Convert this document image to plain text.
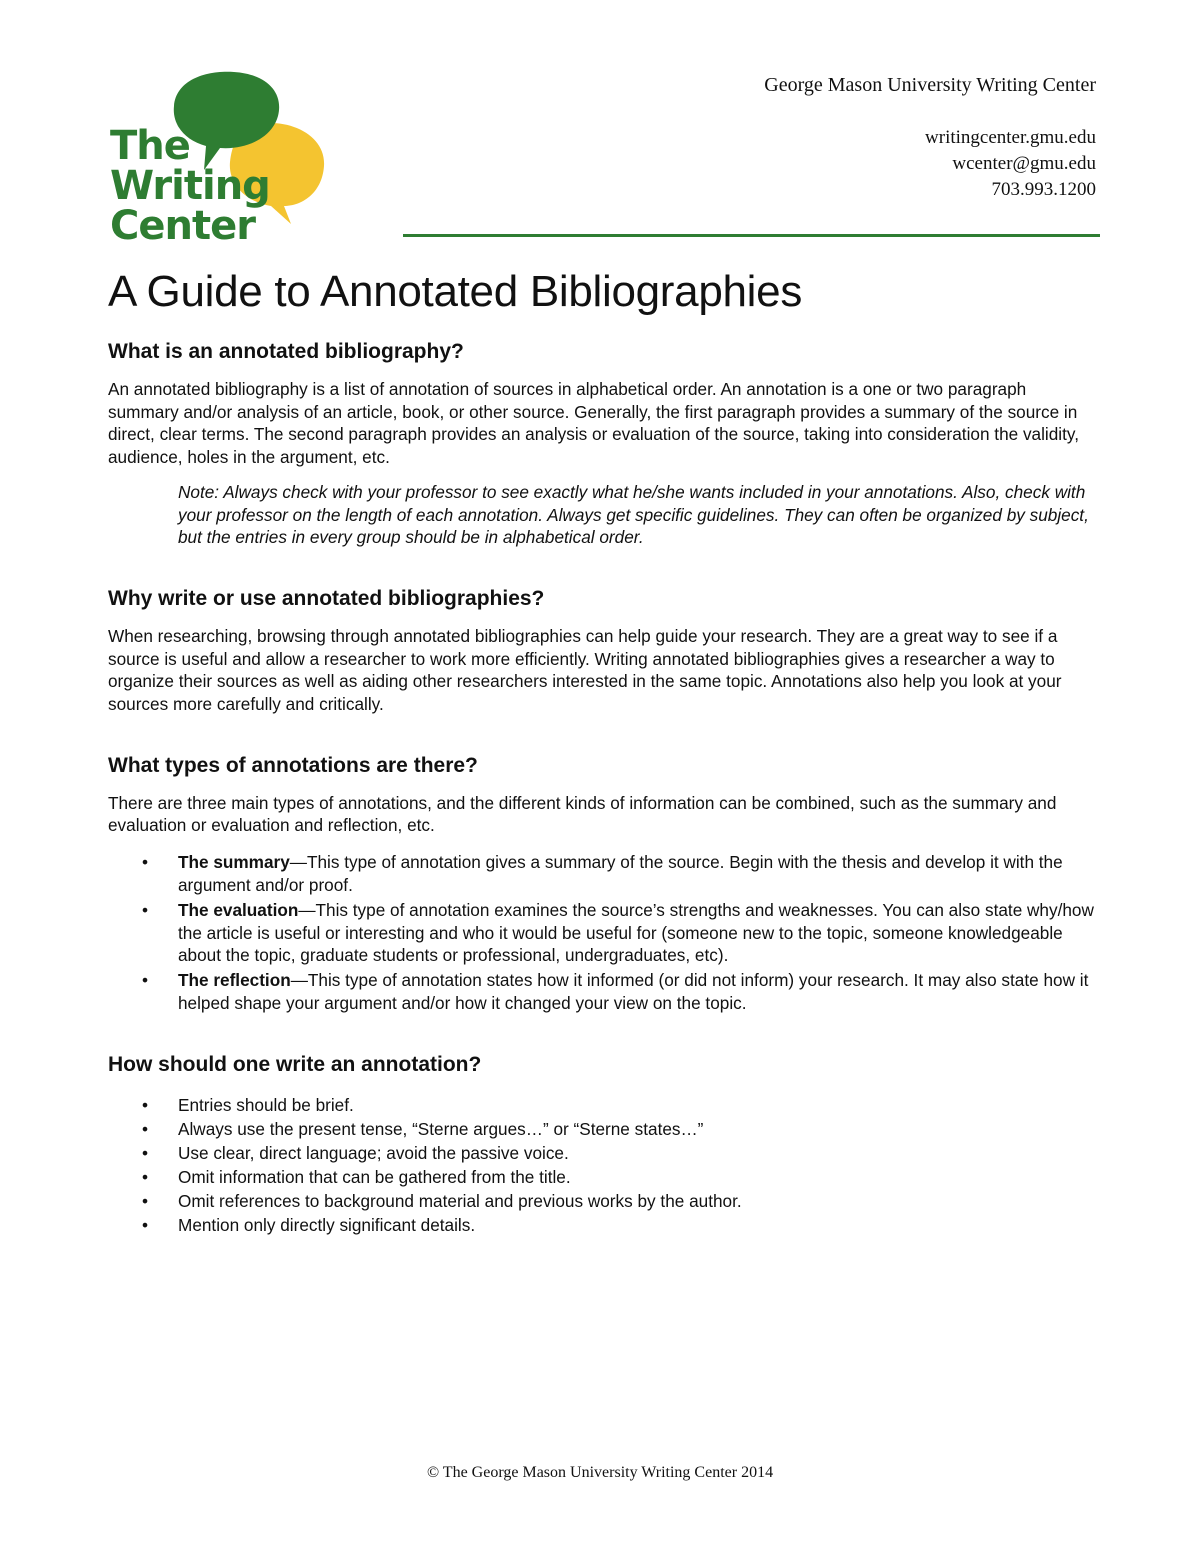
The
Writing Center
George Mason University Writing Center
writingcenter.gmu.edu
wcenter@gmu.edu
703.993.1200
A Guide to Annotated Bibliographies
What is an annotated bibliography?

An annotated bibliography is a list of annotation of sources in alphabetical order. An annotation is a one or two paragraph summary and/or analysis of an article, book, or other source. Generally, the first paragraph provides a summary of the source in direct, clear terms. The second paragraph provides an analysis or evaluation of the source, taking into consideration the validity, audience, holes in the argument, etc.

Note: Always check with your professor to see exactly what he/she wants included in your annotations. Also, check with your professor on the length of each annotation. Always get specific guidelines. They can often be organized by subject, but the entries in every group should be in alphabetical order.
Why write or use annotated bibliographies?

When researching, browsing through annotated bibliographies can help guide your research. They are a great way to see if a source is useful and allow a researcher to work more efficiently. Writing annotated bibliographies gives a researcher a way to organize their sources as well as aiding other researchers interested in the same topic. Annotations also help you look at your sources more carefully and critically.

What types of annotations are there?

There are three main types of annotations, and the different kinds of information can be combined, such as the summary and evaluation or evaluation and reflection, etc.

• The summary—This type of annotation gives a summary of the source. Begin with the thesis and develop it with the argument and/or proof.
• The evaluation—This type of annotation examines the source’s strengths and weaknesses. You can also state why/how the article is useful or interesting and who it would be useful for (someone new to the topic, someone knowledgeable about the topic, graduate students or professional, undergraduates, etc).
• The reflection—This type of annotation states how it informed (or did not inform) your research. It may also state how it helped shape your argument and/or how it changed your view on the topic.
How should one write an annotation?
• Entries should be brief.
• Always use the present tense, “Sterne argues…” or “Sterne states…”
• Use clear, direct language; avoid the passive voice.
• Omit information that can be gathered from the title.
• Omit references to background material and previous works by the author.
• Mention only directly significant details.
© The George Mason University Writing Center 2014
